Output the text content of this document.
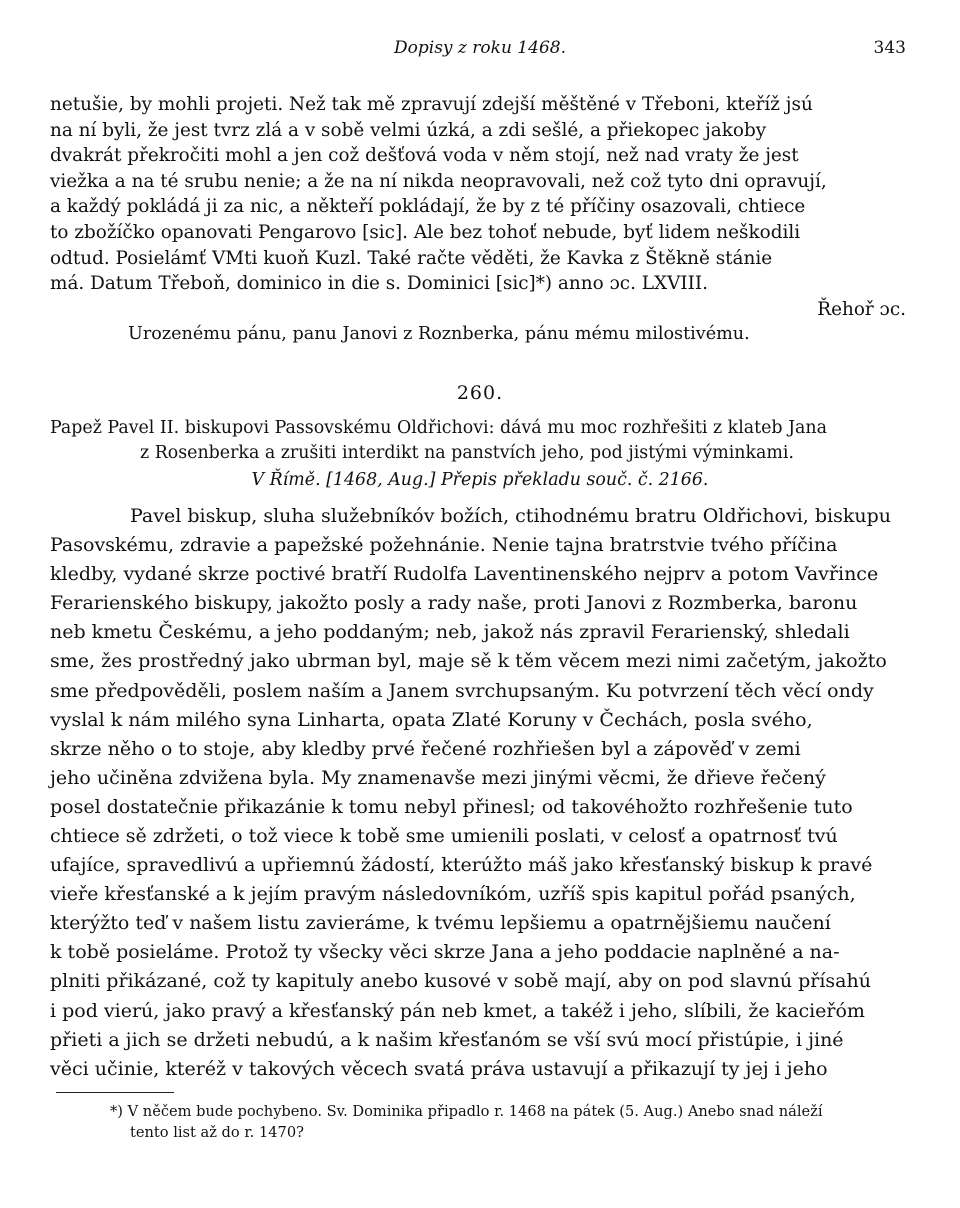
Dopisy z roku 1468.	343
netušie, by mohli projeti. Než tak mě zpravují zdejší měštěné v Třeboni, kteříž jsú
na ní byli, že jest tvrz zlá a v sobě velmi úzká, a zdi sešlé, a přiekopec jakoby
dvakrát překročiti mohl a jen což dešťová voda v něm stojí, než nad vraty že jest
viežka a na té srubu nenie; a že na ní nikda neopravovali, než což tyto dni opravují,
a každý pokládá ji za nic, a někteří pokládají, že by z té příčiny osazovali, chtiece
to zbožíčko opanovati Pengarovo [sic]. Ale bez tohoť nebude, byť lidem neškodili
odtud. Posielámť VMti kuoň Kuzl. Také račte věděti, že Kavka z Štěkně stánie
má. Datum Třeboň, dominico in die s. Dominici [sic]*) anno ɔc. LXVIII.
Řehoř ɔc.
Urozenému pánu, panu Janovi z Roznberka, pánu mému milostivému.
260.
Papež Pavel II. biskupovi Passovskému Oldřichovi: dává mu moc rozhřešiti z klateb Jana
z Rosenberka a zrušiti interdikt na panstvích jeho, pod jistými výminkami.
V Římě. [1468, Aug.] Přepis překladu souč. č. 2166.
Pavel biskup, sluha služebníkóv božích, ctihodnému bratru Oldřichovi, biskupu
Pasovskému, zdravie a papežské požehnánie. Nenie tajna bratrstvie tvého příčina
kledby, vydané skrze poctivé bratří Rudolfa Laventinenského nejprv a potom Vavřince
Ferarienského biskupy, jakožto posly a rady naše, proti Janovi z Rozmberka, baronu
neb kmetu Českému, a jeho poddaným; neb, jakož nás zpravil Ferarienský, shledali
sme, žes prostředný jako ubrman byl, maje sě k těm věcem mezi nimi začetým, jakožto
sme předpověděli, poslem naším a Janem svrchupsaným. Ku potvrzení těch věcí ondy
vyslal k nám milého syna Linharta, opata Zlaté Koruny v Čechách, posla svého,
skrze něho o to stoje, aby kledby prvé řečené rozhřiešen byl a zápověď v zemi
jeho učiněna zdvižena byla. My znamenavše mezi jinými věcmi, že dřieve řečený
posel dostatečnie přikazánie k tomu nebyl přinesl; od takovéhožto rozhřešenie tuto
chtiece sě zdržeti, o tož viece k tobě sme umienili poslati, v celosť a opatrnosť tvú
ufajíce, spravedlivú a upřiemnú žádostí, kterúžto máš jako křesťanský biskup k pravé
vieře křesťanské a k jejím pravým následovníkóm, uzříš spis kapitul pořád psaných,
kterýžto teď v našem listu zavieráme, k tvému lepšiemu a opatrnějšiemu naučení
k tobě posieláme. Protož ty všecky věci skrze Jana a jeho poddacie naplněné a na-
plniti přikázané, což ty kapituly anebo kusové v sobě mají, aby on pod slavnú přísahú
i pod vierú, jako pravý a křesťanský pán neb kmet, a takéž i jeho, slíbili, že kacieřóm
přieti a jich se držeti nebudú, a k našim křesťanóm se vší svú mocí přistúpie, i jiné
věci učinie, kteréž v takových věcech svatá práva ustavují a přikazují ty jej i jeho
*) V něčem bude pochybeno. Sv. Dominika připadlo r. 1468 na pátek (5. Aug.) Anebo snad náleží
tento list až do r. 1470?
